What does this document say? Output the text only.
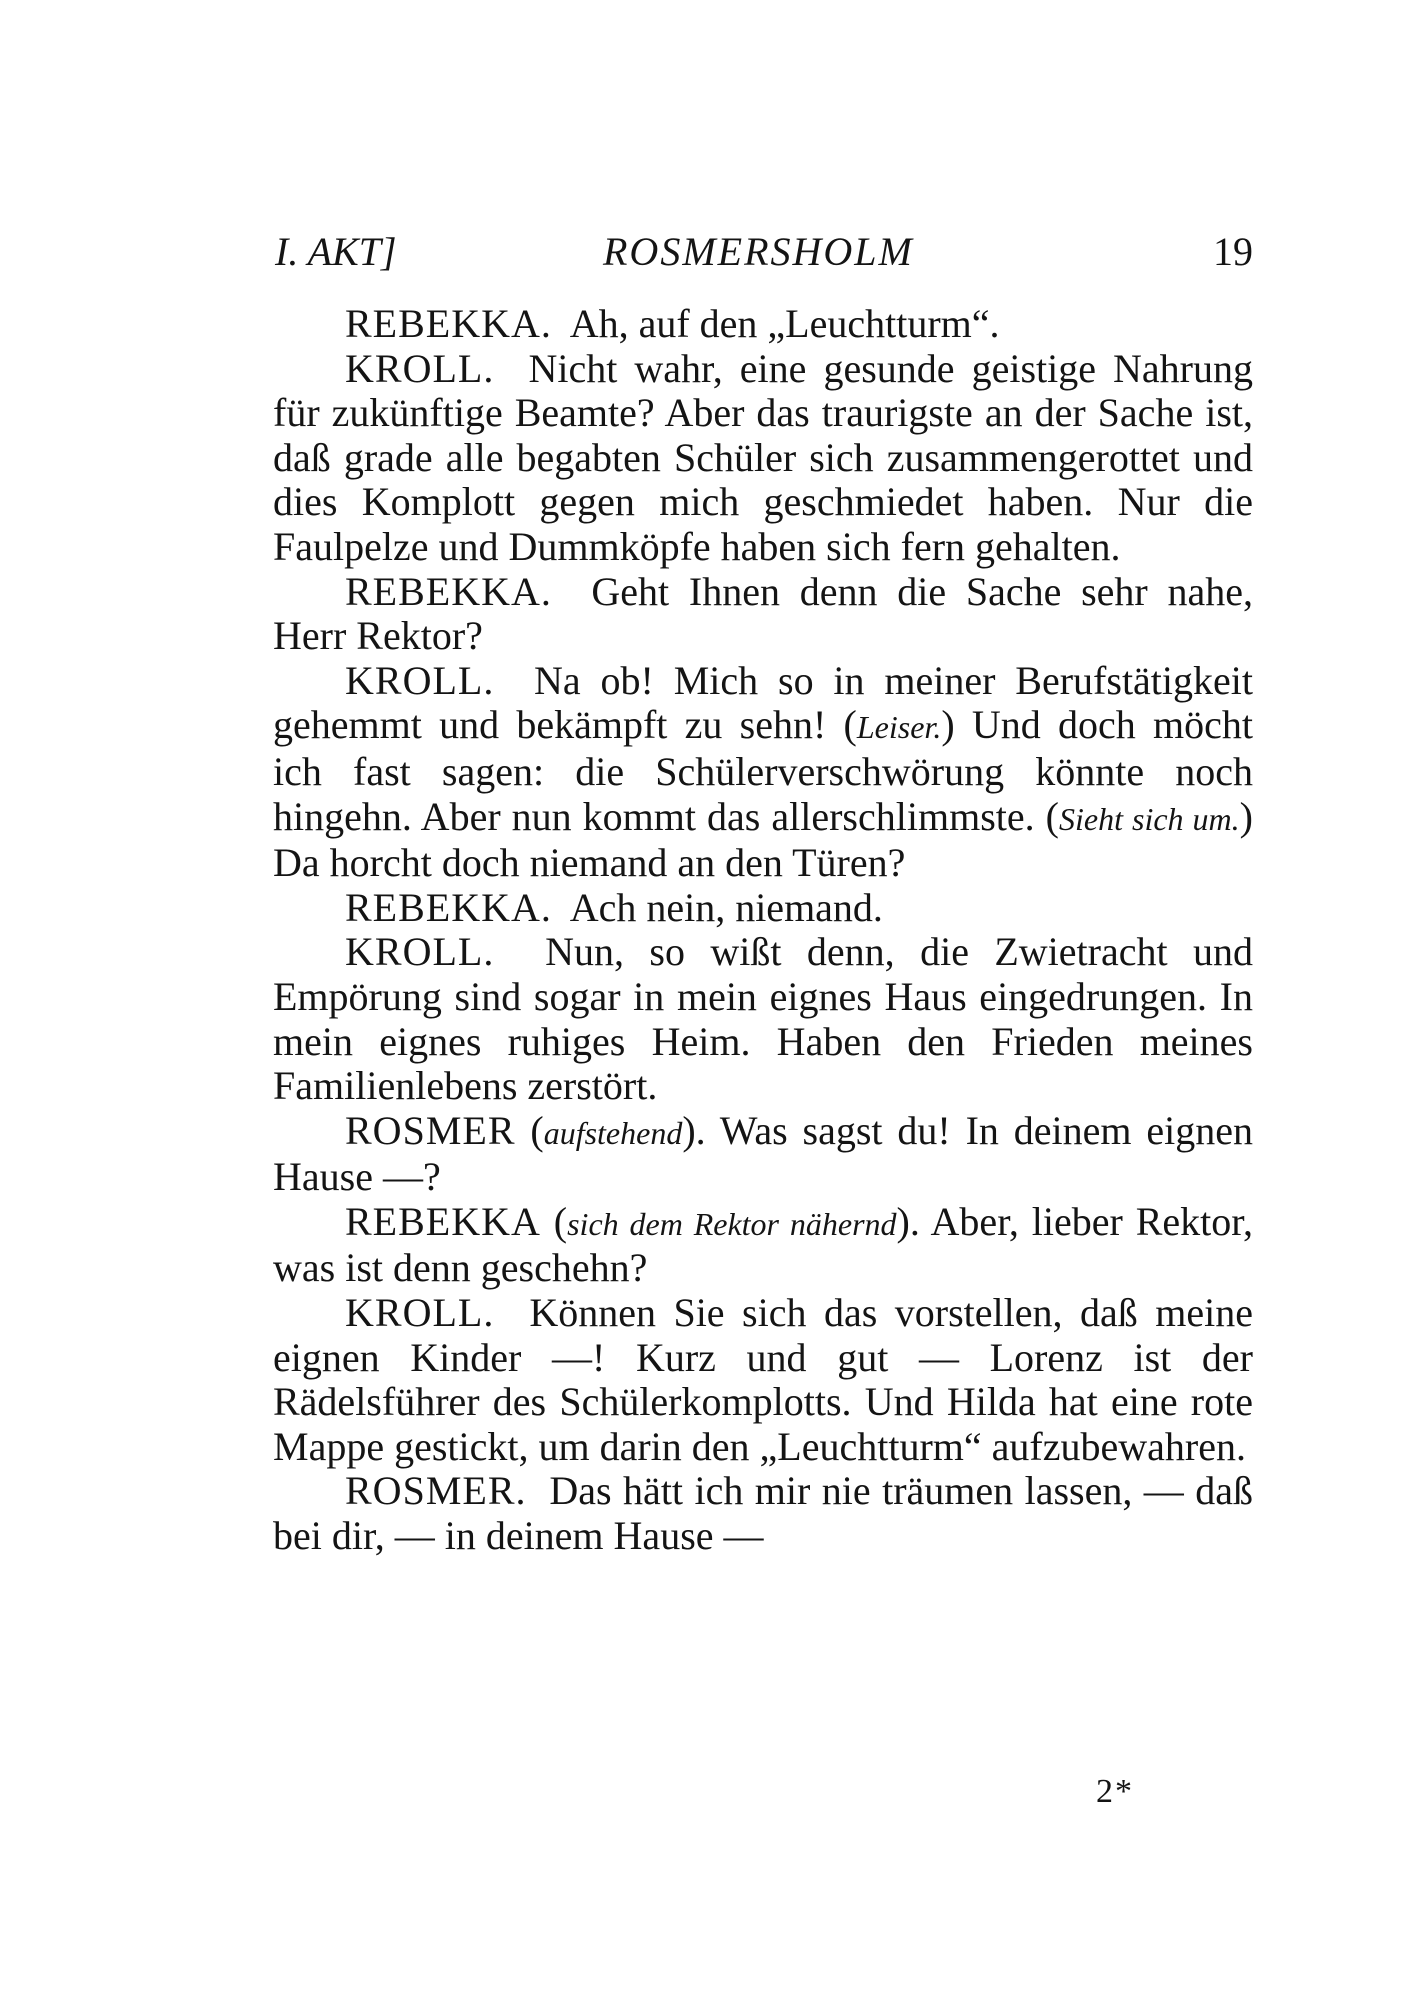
I. AKT]	ROSMERSHOLM	19

REBEKKA. Ah, auf den „Leuchtturm“.

KROLL. Nicht wahr, eine gesunde geistige Nahrung für zukünftige Beamte? Aber das traurigste an der Sache ist, daß grade alle begabten Schüler sich zusammengerottet und dies Komplott gegen mich geschmiedet haben. Nur die Faulpelze und Dummköpfe haben sich fern gehalten.

REBEKKA. Geht Ihnen denn die Sache sehr nahe, Herr Rektor?

KROLL. Na ob! Mich so in meiner Berufstätigkeit gehemmt und bekämpft zu sehn! (Leiser.) Und doch möcht ich fast sagen: die Schülerverschwörung könnte noch hingehn. Aber nun kommt das allerschlimmste. (Sieht sich um.) Da horcht doch niemand an den Türen?

REBEKKA. Ach nein, niemand.

KROLL. Nun, so wißt denn, die Zwietracht und Empörung sind sogar in mein eignes Haus eingedrungen. In mein eignes ruhiges Heim. Haben den Frieden meines Familienlebens zerstört.

ROSMER (aufstehend). Was sagst du! In deinem eignen Hause —?

REBEKKA (sich dem Rektor nähernd). Aber, lieber Rektor, was ist denn geschehn?

KROLL. Können Sie sich das vorstellen, daß meine eignen Kinder —! Kurz und gut — Lorenz ist der Rädelsführer des Schülerkomplotts. Und Hilda hat eine rote Mappe gestickt, um darin den „Leuchtturm“ aufzubewahren.

ROSMER. Das hätt ich mir nie träumen lassen, — daß bei dir, — in deinem Hause —

2*
